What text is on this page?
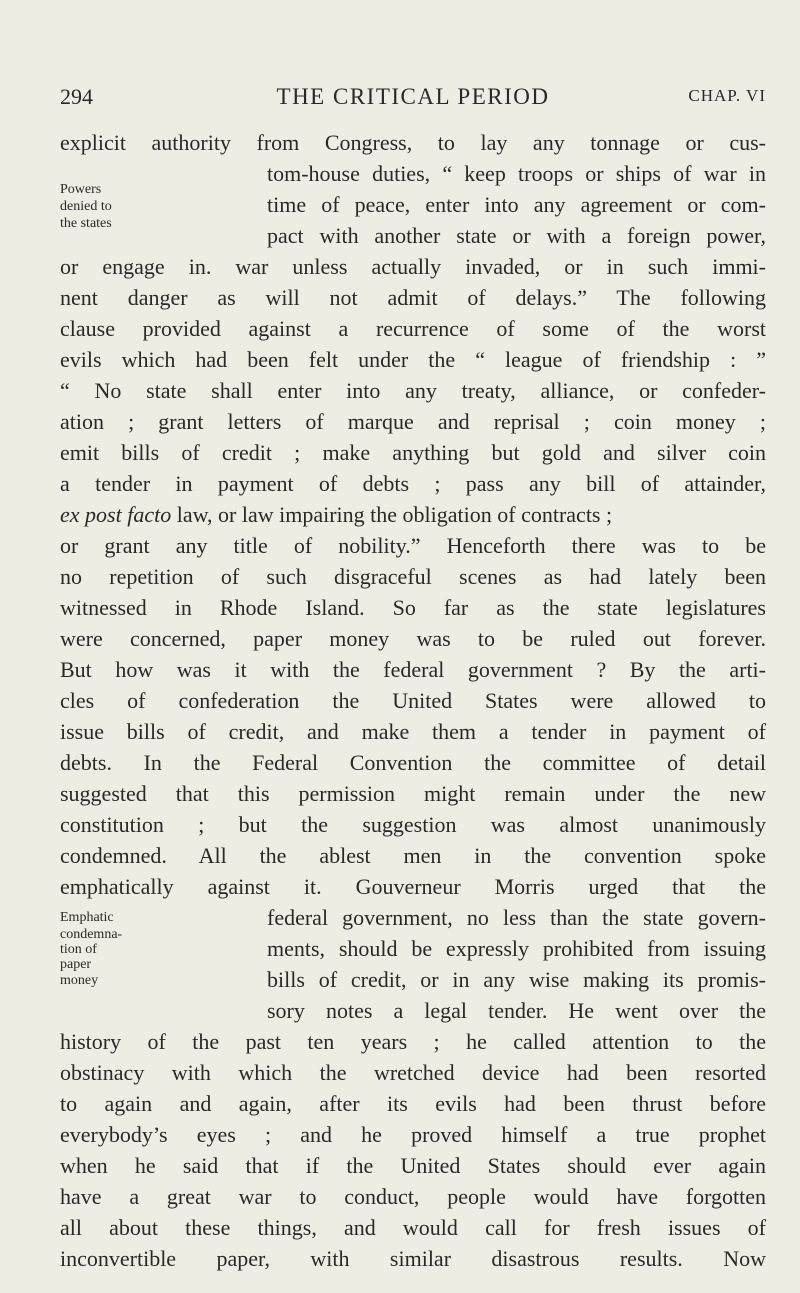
294	THE CRITICAL PERIOD	CHAP. VI
Powers
denied to
the states
Emphatic
condemna-
tion of
paper
money
explicit authority from Congress, to lay any tonnage or cus-
tom-house duties, “ keep troops or ships of war in
time of peace, enter into any agreement or com-
pact with another state or with a foreign power,
or engage in. war unless actually invaded, or in such immi-
nent danger as will not admit of delays.” The following
clause provided against a recurrence of some of the worst
evils which had been felt under the “ league of friendship : ”
“ No state shall enter into any treaty, alliance, or confeder-
ation ; grant letters of marque and reprisal ; coin money ;
emit bills of credit ; make anything but gold and silver coin
a tender in payment of debts ; pass any bill of attainder,
ex post facto law, or law impairing the obligation of contracts ;
or grant any title of nobility.” Henceforth there was to be
no repetition of such disgraceful scenes as had lately been
witnessed in Rhode Island. So far as the state legislatures
were concerned, paper money was to be ruled out forever.
But how was it with the federal government ? By the arti-
cles of confederation the United States were allowed to
issue bills of credit, and make them a tender in payment of
debts. In the Federal Convention the committee of detail
suggested that this permission might remain under the new
constitution ; but the suggestion was almost unanimously
condemned. All the ablest men in the convention spoke
emphatically against it. Gouverneur Morris urged that the
federal government, no less than the state govern-
ments, should be expressly prohibited from issuing
bills of credit, or in any wise making its promis-
sory notes a legal tender. He went over the
history of the past ten years ; he called attention to the
obstinacy with which the wretched device had been resorted
to again and again, after its evils had been thrust before
everybody’s eyes ; and he proved himself a true prophet
when he said that if the United States should ever again
have a great war to conduct, people would have forgotten
all about these things, and would call for fresh issues of
inconvertible paper, with similar disastrous results. Now
